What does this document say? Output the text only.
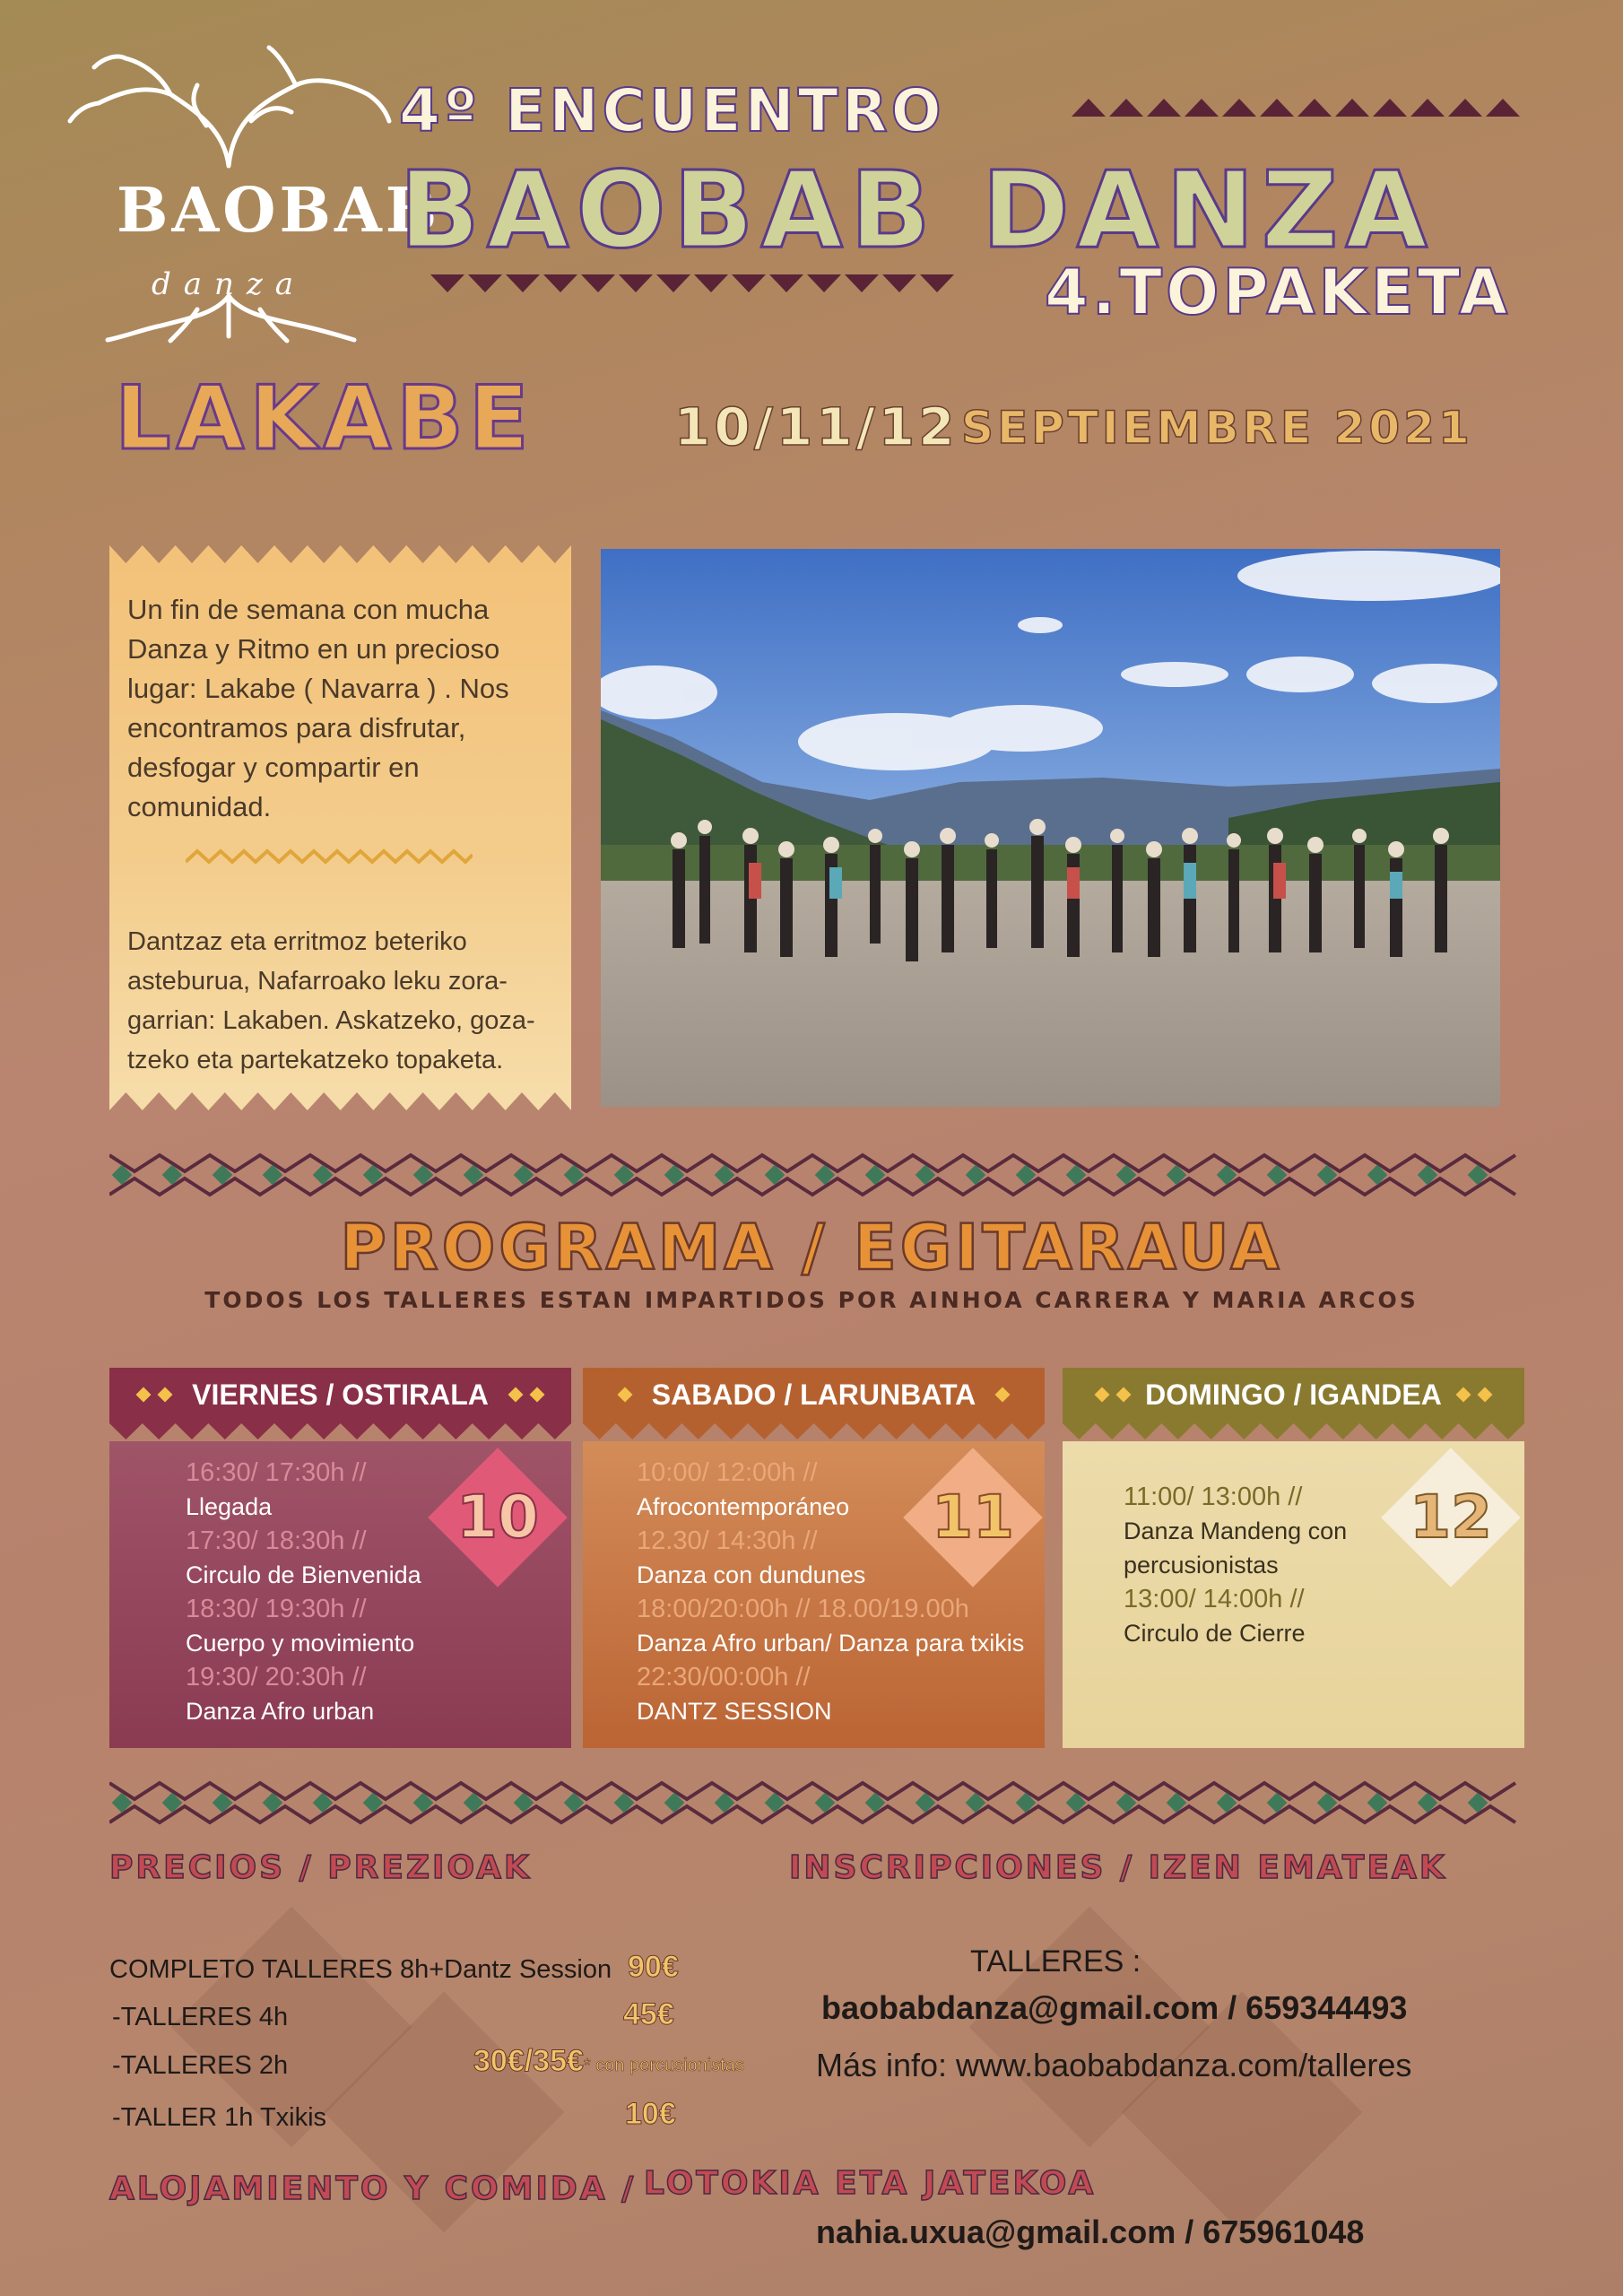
BAOBAB
danza
4º ENCUENTRO
BAOBAB DANZA
4.TOPAKETA
LAKABE	10/11/12 SEPTIEMBRE 2021
Un fin de semana con mucha Danza y Ritmo en un precioso lugar: Lakabe ( Navarra ) . Nos encontramos para disfrutar, desfogar y compartir en comunidad.
Dantzaz eta erritmoz beteriko asteburua, Nafarroako leku zora-garrian: Lakaben. Askatzeko, goza-tzeko eta partekatzeko topaketa.
PROGRAMA / EGITARAUA
TODOS LOS TALLERES ESTAN IMPARTIDOS POR AINHOA CARRERA Y MARIA ARCOS
VIERNES / OSTIRALA
16:30/ 17:30h //
Llegada
17:30/ 18:30h //
Circulo de Bienvenida
18:30/ 19:30h //
Cuerpo y movimiento
19:30/ 20:30h //
Danza Afro urban
10
SABADO / LARUNBATA
10:00/ 12:00h //
Afrocontemporáneo
12.30/ 14:30h //
Danza con dundunes
18:00/20:00h // 18.00/19.00h
Danza Afro urban/ Danza para txikis
22:30/00:00h //
DANTZ SESSION
11
DOMINGO / IGANDEA
11:00/ 13:00h //
Danza Mandeng con percusionistas
13:00/ 14:00h //
Circulo de Cierre
12
PRECIOS / PREZIOAK	INSCRIPCIONES / IZEN EMATEAK
COMPLETO TALLERES 8h+Dantz Session 90€
-TALLERES 4h	45€
-TALLERES 2h	30€/35€* con percusionistas
-TALLER 1h Txikis	10€
TALLERES :
baobabdanza@gmail.com / 659344493
Más info: www.baobabdanza.com/talleres
ALOJAMIENTO Y COMIDA / LOTOKIA ETA JATEKOA
nahia.uxua@gmail.com / 675961048
